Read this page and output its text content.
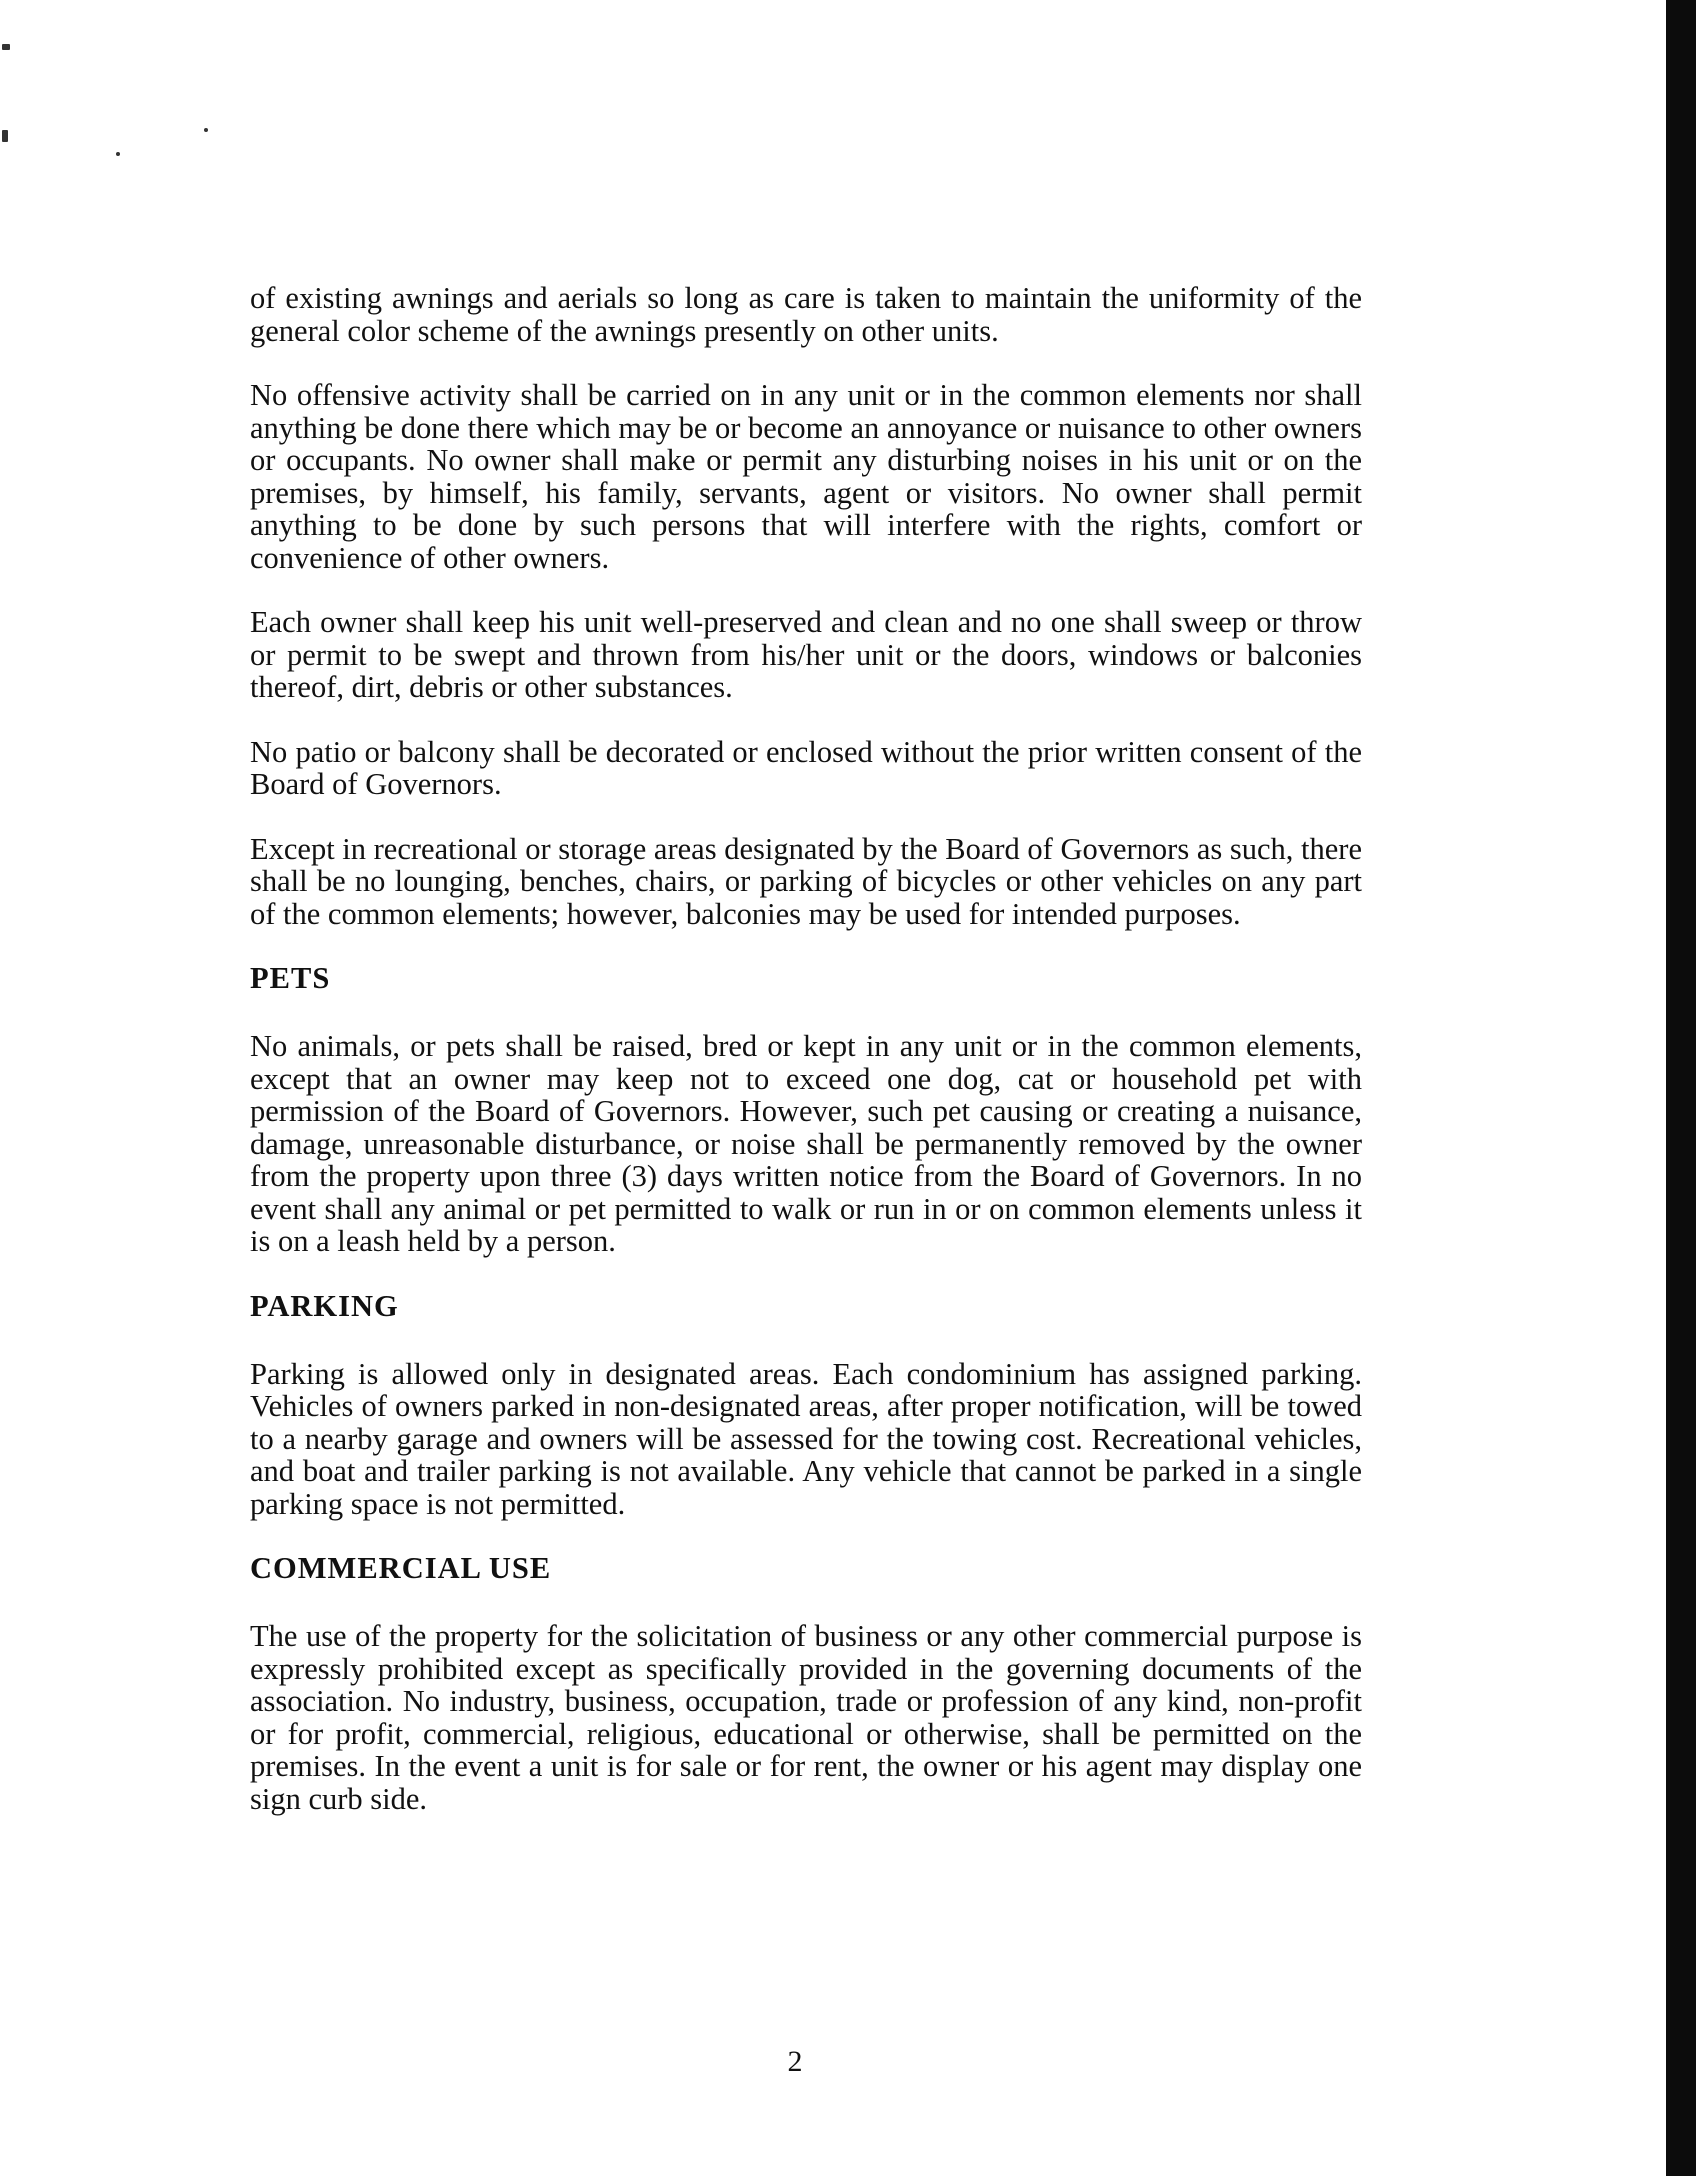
of existing awnings and aerials so long as care is taken to maintain the uniformity of the general color scheme of the awnings presently on other units.

No offensive activity shall be carried on in any unit or in the common elements nor shall anything be done there which may be or become an annoyance or nuisance to other owners or occupants. No owner shall make or permit any disturbing noises in his unit or on the premises, by himself, his family, servants, agent or visitors. No owner shall permit anything to be done by such persons that will interfere with the rights, comfort or convenience of other owners.

Each owner shall keep his unit well-preserved and clean and no one shall sweep or throw or permit to be swept and thrown from his/her unit or the doors, windows or balconies thereof, dirt, debris or other substances.

No patio or balcony shall be decorated or enclosed without the prior written consent of the Board of Governors.

Except in recreational or storage areas designated by the Board of Governors as such, there shall be no lounging, benches, chairs, or parking of bicycles or other vehicles on any part of the common elements; however, balconies may be used for intended purposes.

PETS

No animals, or pets shall be raised, bred or kept in any unit or in the common elements, except that an owner may keep not to exceed one dog, cat or household pet with permission of the Board of Governors. However, such pet causing or creating a nuisance, damage, unreasonable disturbance, or noise shall be permanently removed by the owner from the property upon three (3) days written notice from the Board of Governors. In no event shall any animal or pet permitted to walk or run in or on common elements unless it is on a leash held by a person.

PARKING

Parking is allowed only in designated areas. Each condominium has assigned parking. Vehicles of owners parked in non-designated areas, after proper notification, will be towed to a nearby garage and owners will be assessed for the towing cost. Recreational vehicles, and boat and trailer parking is not available. Any vehicle that cannot be parked in a single parking space is not permitted.

COMMERCIAL USE

The use of the property for the solicitation of business or any other commercial purpose is expressly prohibited except as specifically provided in the governing documents of the association. No industry, business, occupation, trade or profession of any kind, non-profit or for profit, commercial, religious, educational or otherwise, shall be permitted on the premises. In the event a unit is for sale or for rent, the owner or his agent may display one sign curb side.

2
